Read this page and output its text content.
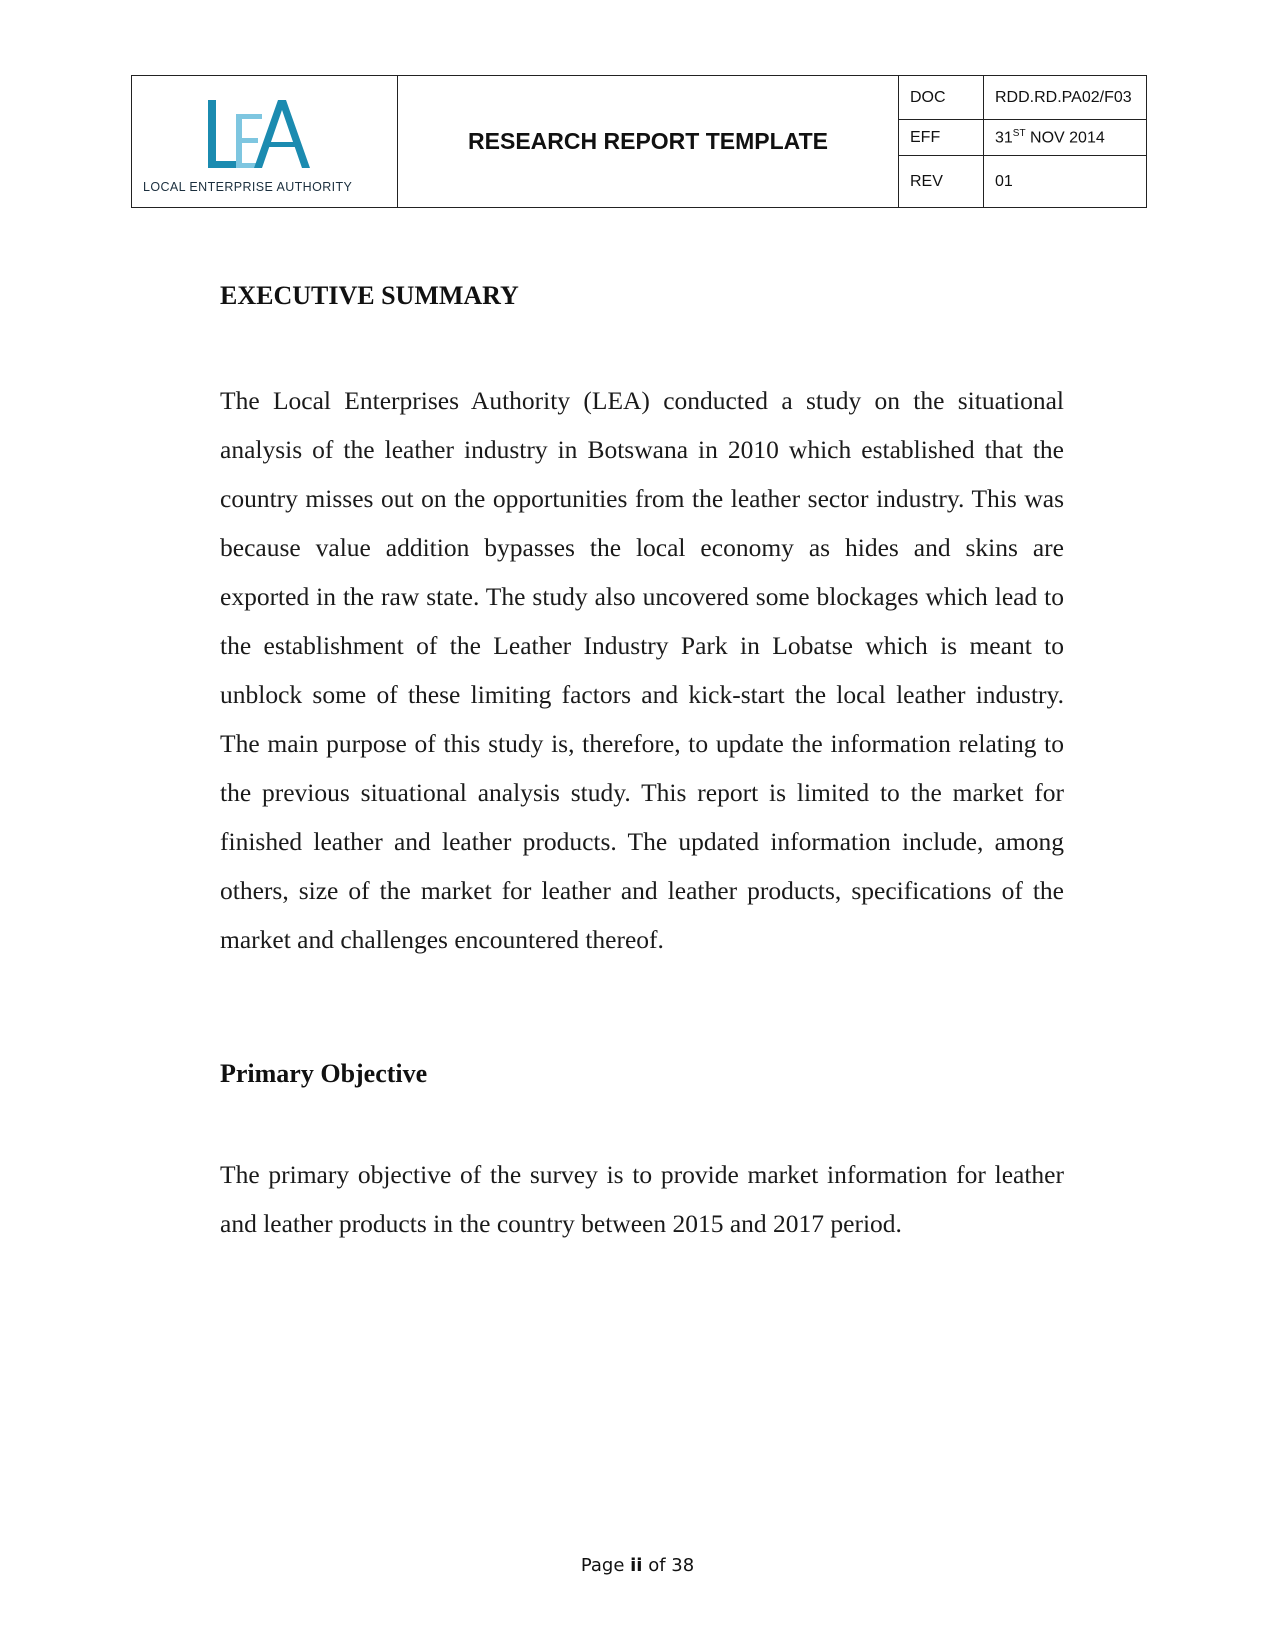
LOCAL ENTERPRISE AUTHORITY	RESEARCH REPORT TEMPLATE	DOC	RDD.RD.PA02/F03
		EFF	31ST NOV 2014
		REV	01
EXECUTIVE SUMMARY

The Local Enterprises Authority (LEA) conducted a study on the situational analysis of the leather industry in Botswana in 2010 which established that the country misses out on the opportunities from the leather sector industry. This was because value addition bypasses the local economy as hides and skins are exported in the raw state. The study also uncovered some blockages which lead to the establishment of the Leather Industry Park in Lobatse which is meant to unblock some of these limiting factors and kick-start the local leather industry. The main purpose of this study is, therefore, to update the information relating to the previous situational analysis study. This report is limited to the market for finished leather and leather products. The updated information include, among others, size of the market for leather and leather products, specifications of the market and challenges encountered thereof.

Primary Objective

The primary objective of the survey is to provide market information for leather and leather products in the country between 2015 and 2017 period.

Page ii of 38
